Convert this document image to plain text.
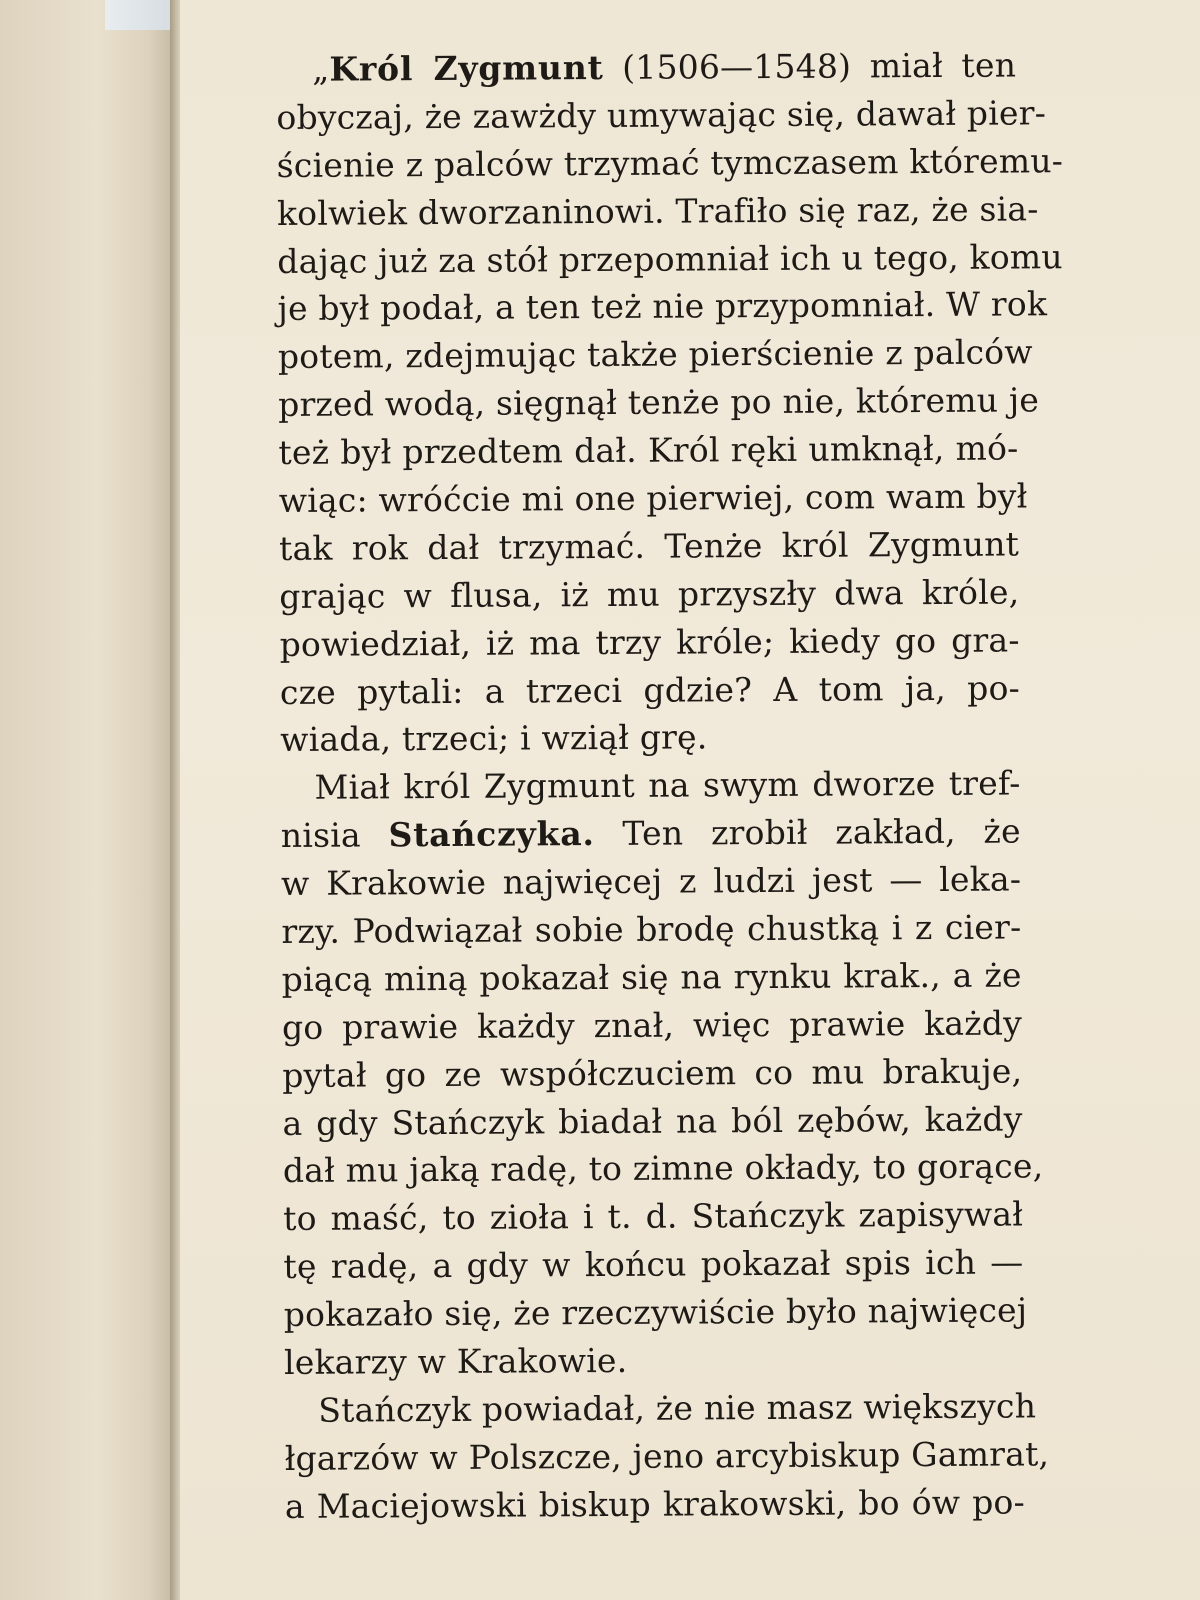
„Król Zygmunt (1506—1548) miał ten
obyczaj, że zawżdy umywając się, dawał pier-
ścienie z palców trzymać tymczasem któremu-
kolwiek dworzaninowi. Trafiło się raz, że sia-
dając już za stół przepomniał ich u tego, komu
je był podał, a ten też nie przypomniał. W rok
potem, zdejmując także pierścienie z palców
przed wodą, sięgnął tenże po nie, któremu je
też był przedtem dał. Król ręki umknął, mó-
wiąc: wróćcie mi one pierwiej, com wam był
tak rok dał trzymać. Tenże król Zygmunt
grając w flusa, iż mu przyszły dwa króle,
powiedział, iż ma trzy króle; kiedy go gra-
cze pytali: a trzeci gdzie? A tom ja, po-
wiada, trzeci; i wziął grę.
Miał król Zygmunt na swym dworze tref-
nisia Stańczyka. Ten zrobił zakład, że
w Krakowie najwięcej z ludzi jest — leka-
rzy. Podwiązał sobie brodę chustką i z cier-
piącą miną pokazał się na rynku krak., a że
go prawie każdy znał, więc prawie każdy
pytał go ze współczuciem co mu brakuje,
a gdy Stańczyk biadał na ból zębów, każdy
dał mu jaką radę, to zimne okłady, to gorące,
to maść, to zioła i t. d. Stańczyk zapisywał
tę radę, a gdy w końcu pokazał spis ich —
pokazało się, że rzeczywiście było najwięcej
lekarzy w Krakowie.
Stańczyk powiadał, że nie masz większych
łgarzów w Polszcze, jeno arcybiskup Gamrat,
a Maciejowski biskup krakowski, bo ów po-
